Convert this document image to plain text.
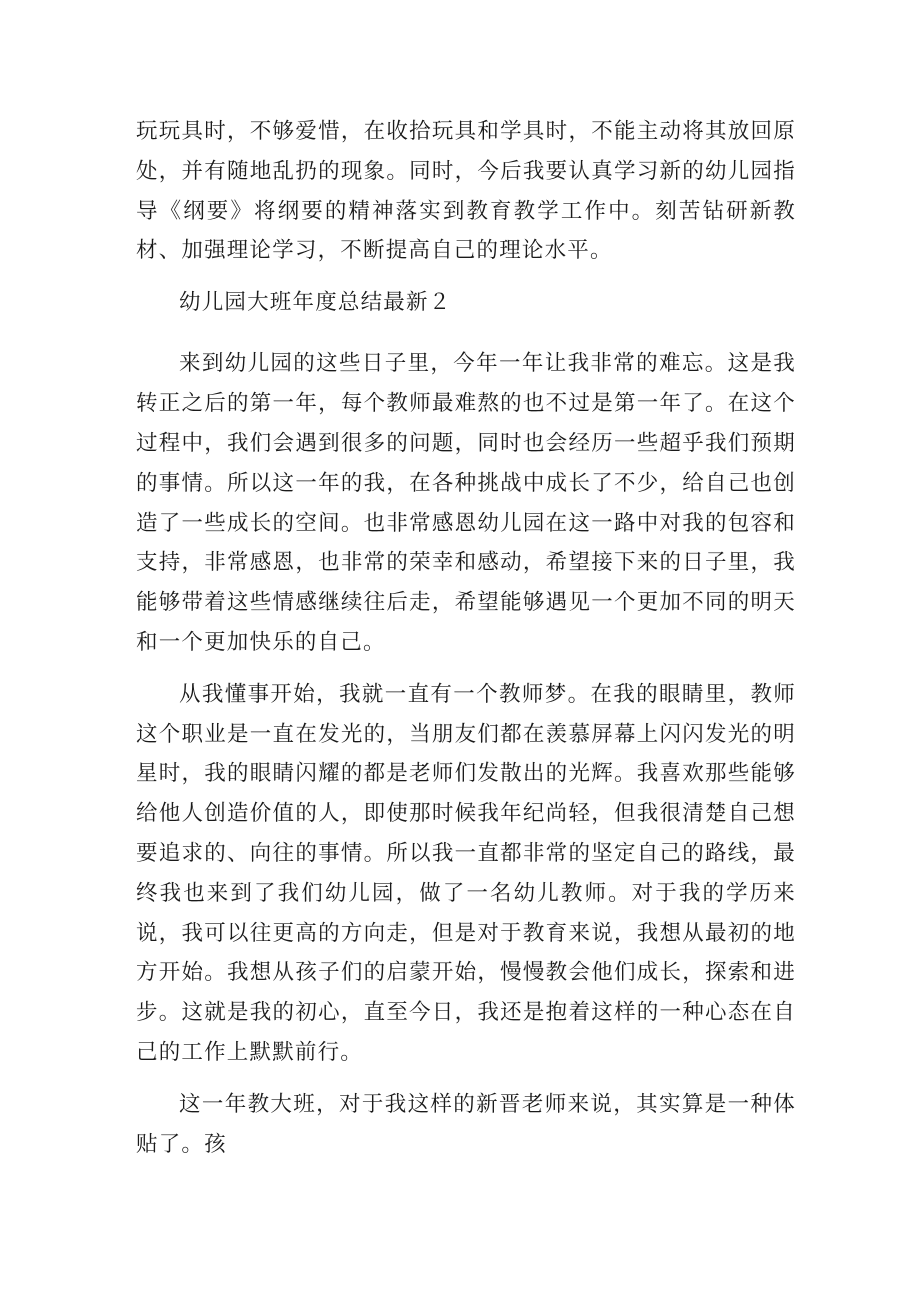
玩玩具时，不够爱惜，在收拾玩具和学具时，不能主动将其放回原处，并有随地乱扔的现象。同时，今后我要认真学习新的幼儿园指导《纲要》将纲要的精神落实到教育教学工作中。刻苦钻研新教材、加强理论学习，不断提高自己的理论水平。

幼儿园大班年度总结最新２

来到幼儿园的这些日子里，今年一年让我非常的难忘。这是我转正之后的第一年，每个教师最难熬的也不过是第一年了。在这个过程中，我们会遇到很多的问题，同时也会经历一些超乎我们预期的事情。所以这一年的我，在各种挑战中成长了不少，给自己也创造了一些成长的空间。也非常感恩幼儿园在这一路中对我的包容和支持，非常感恩，也非常的荣幸和感动，希望接下来的日子里，我能够带着这些情感继续往后走，希望能够遇见一个更加不同的明天和一个更加快乐的自己。

从我懂事开始，我就一直有一个教师梦。在我的眼睛里，教师这个职业是一直在发光的，当朋友们都在羡慕屏幕上闪闪发光的明星时，我的眼睛闪耀的都是老师们发散出的光辉。我喜欢那些能够给他人创造价值的人，即使那时候我年纪尚轻，但我很清楚自己想要追求的、向往的事情。所以我一直都非常的坚定自己的路线，最终我也来到了我们幼儿园，做了一名幼儿教师。对于我的学历来说，我可以往更高的方向走，但是对于教育来说，我想从最初的地方开始。我想从孩子们的启蒙开始，慢慢教会他们成长，探索和进步。这就是我的初心，直至今日，我还是抱着这样的一种心态在自己的工作上默默前行。

这一年教大班，对于我这样的新晋老师来说，其实算是一种体贴了。孩
